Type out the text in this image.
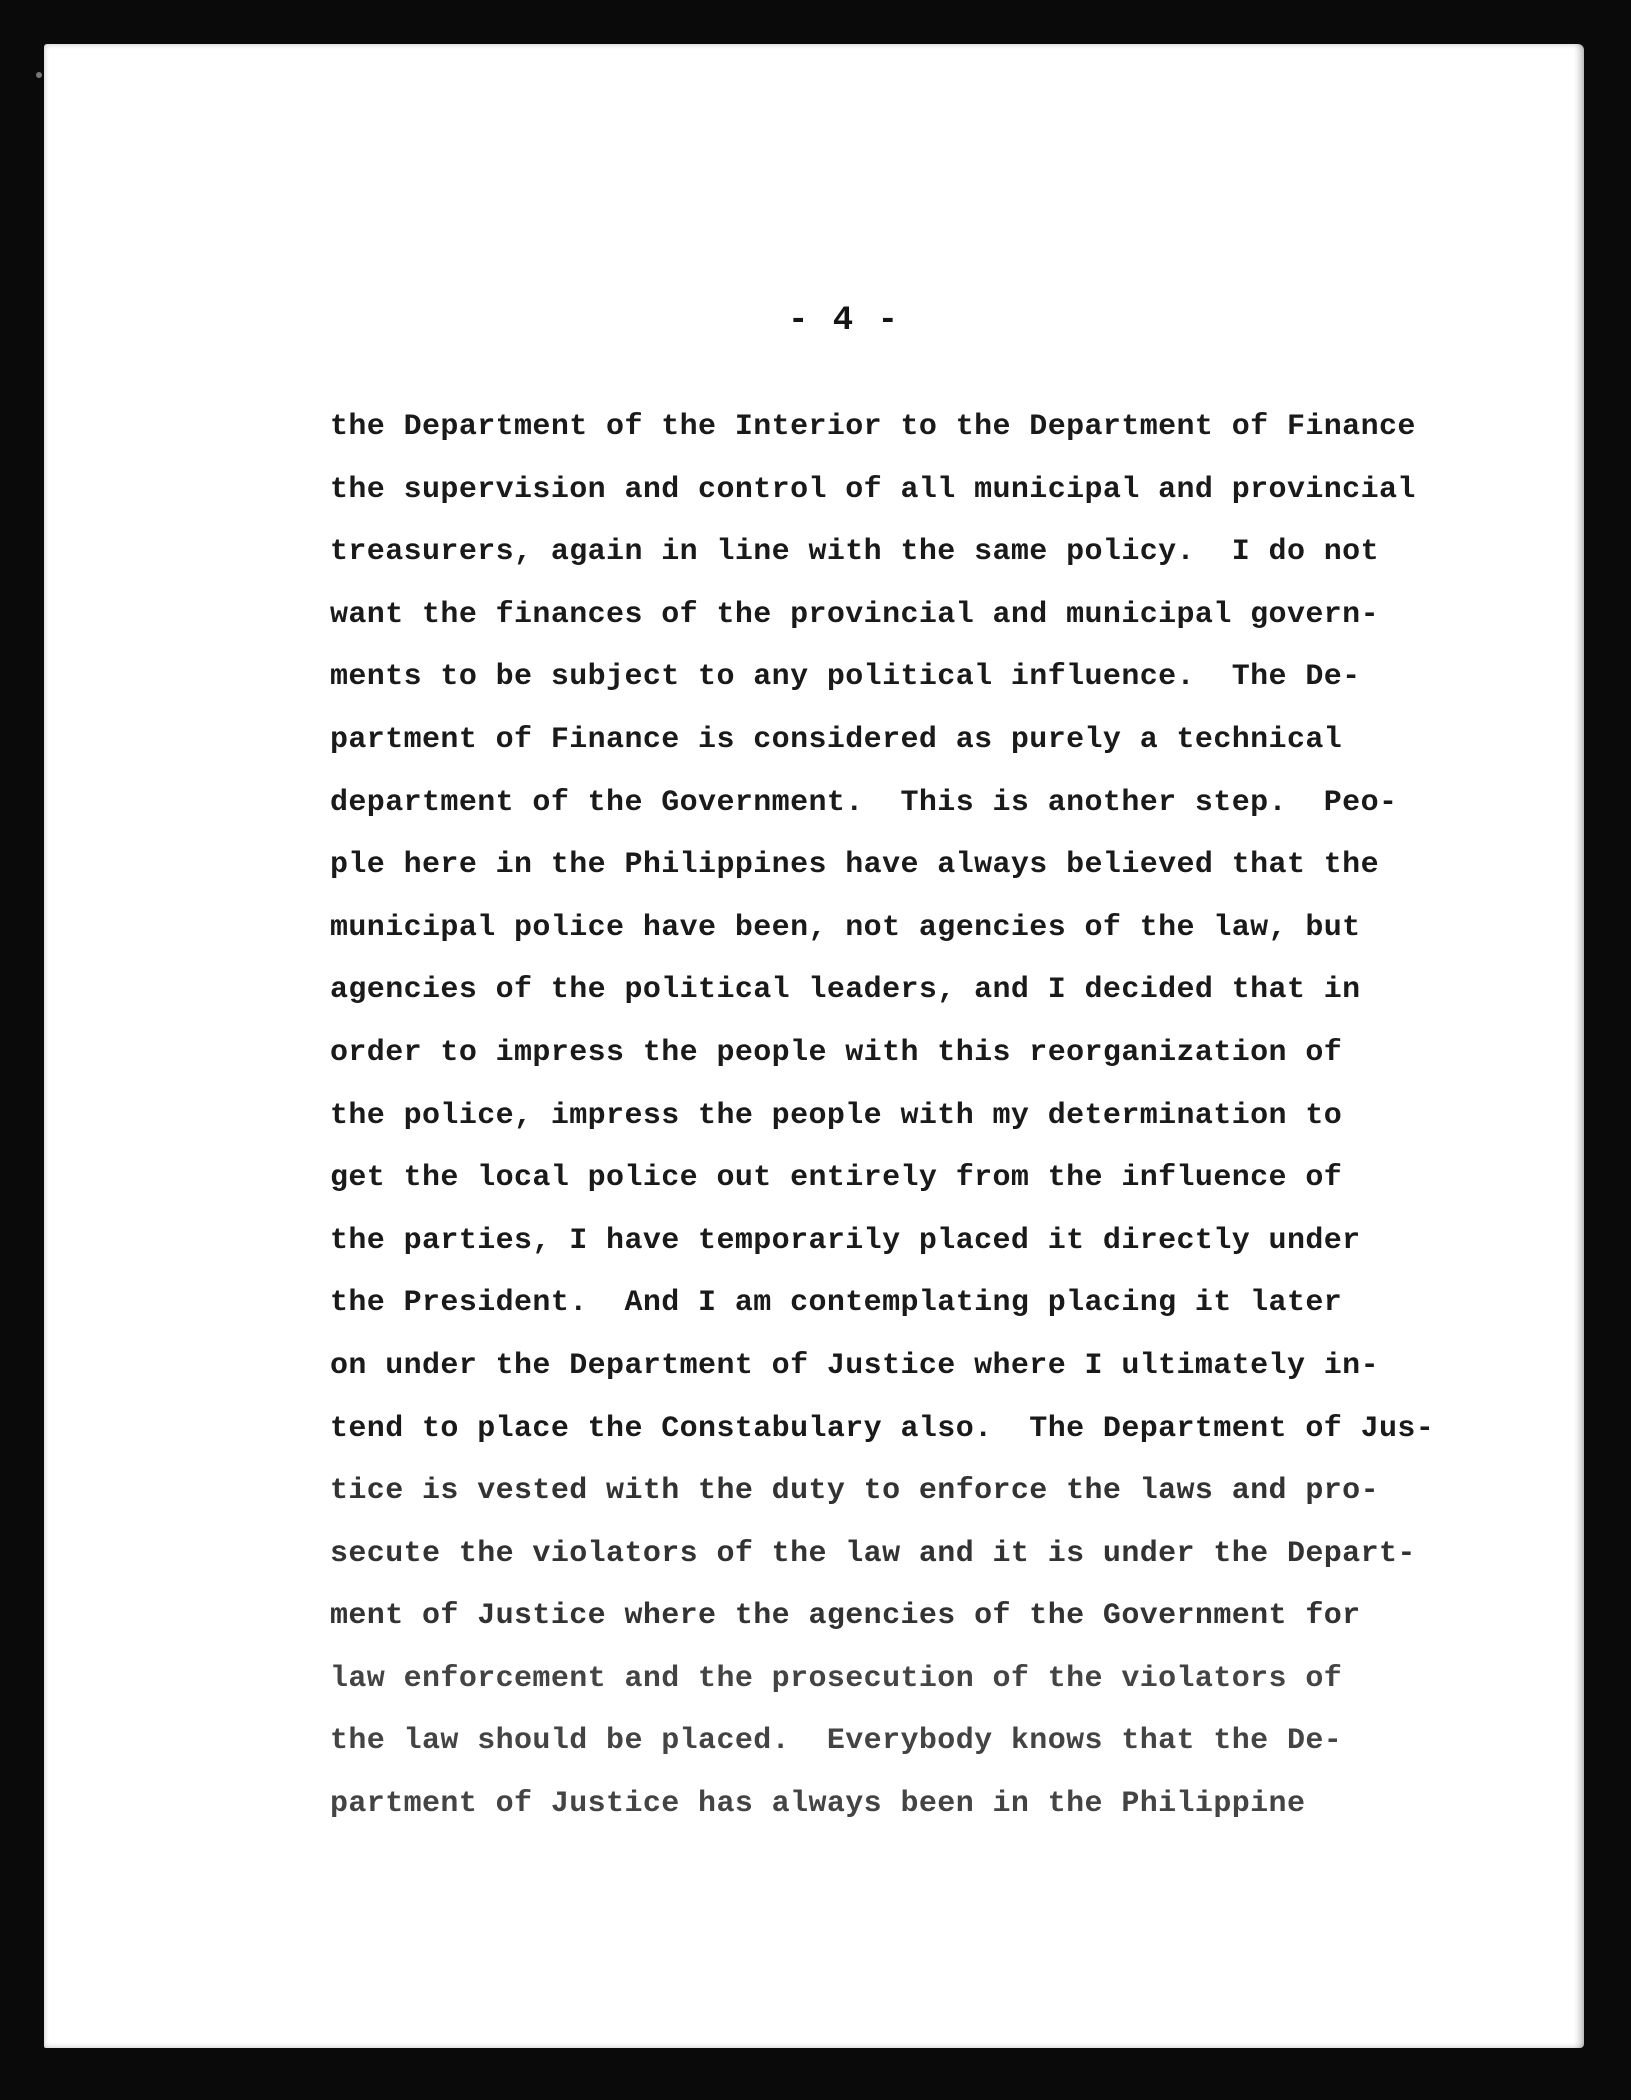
- 4 -
the Department of the Interior to the Department of Finance
the supervision and control of all municipal and provincial
treasurers, again in line with the same policy.  I do not
want the finances of the provincial and municipal govern-
ments to be subject to any political influence.  The De-
partment of Finance is considered as purely a technical
department of the Government.  This is another step.  Peo-
ple here in the Philippines have always believed that the
municipal police have been, not agencies of the law, but
agencies of the political leaders, and I decided that in
order to impress the people with this reorganization of
the police, impress the people with my determination to
get the local police out entirely from the influence of
the parties, I have temporarily placed it directly under
the President.  And I am contemplating placing it later
on under the Department of Justice where I ultimately in-
tend to place the Constabulary also.  The Department of Jus-
tice is vested with the duty to enforce the laws and pro-
secute the violators of the law and it is under the Depart-
ment of Justice where the agencies of the Government for
law enforcement and the prosecution of the violators of
the law should be placed.  Everybody knows that the De-
partment of Justice has always been in the Philippine
